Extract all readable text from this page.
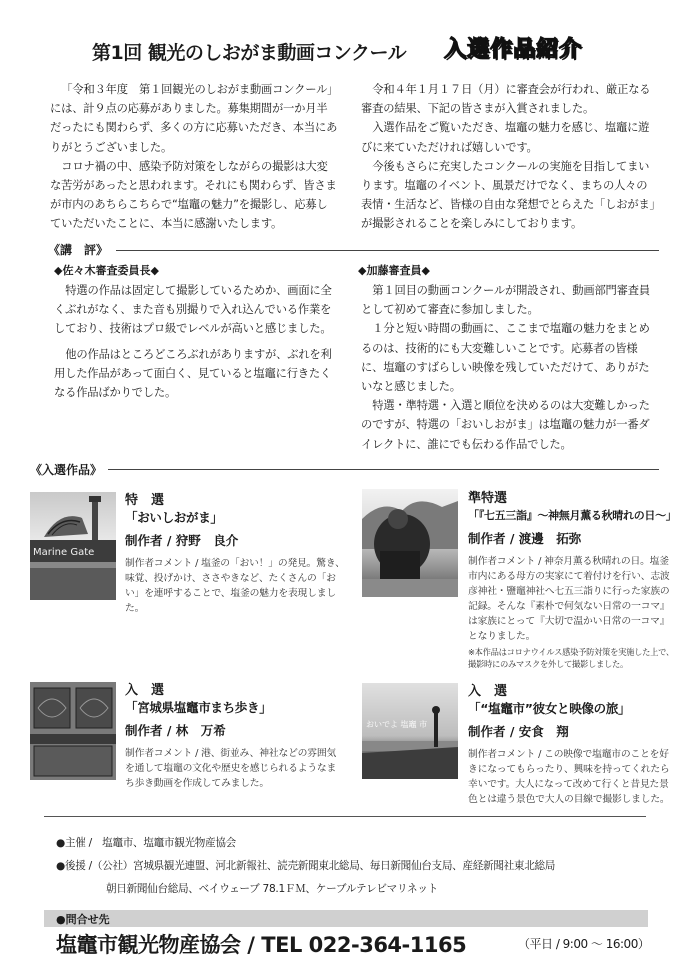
第1回 観光のしおがま動画コンクール 入選作品紹介

「令和３年度　第１回観光のしおがま動画コンクール」には、計９点の応募がありました。募集期間が一か月半だったにも関わらず、多くの方に応募いただき、本当にありがとうございました。

コロナ禍の中、感染予防対策をしながらの撮影は大変な苦労があったと思われます。それにも関わらず、皆さまが市内のあちらこちらで“塩竈の魅力”を撮影し、応募していただいたことに、本当に感謝いたします。

令和４年１月１７日（月）に審査会が行われ、厳正なる審査の結果、下記の皆さまが入賞されました。

入選作品をご覧いただき、塩竈の魅力を感じ、塩竈に遊びに来ていただければ嬉しいです。

今後もさらに充実したコンクールの実施を目指してまいります。塩竈のイベント、風景だけでなく、まちの人々の表情・生活など、皆様の自由な発想でとらえた「しおがま」が撮影されることを楽しみにしております。

《講　評》
◆佐々木審査委員長◆

特選の作品は固定して撮影しているためか、画面に全くぶれがなく、また音も別撮りで入れ込んでいる作業をしており、技術はプロ級でレベルが高いと感じました。

他の作品はところどころぶれがありますが、ぶれを利用した作品があって面白く、見ていると塩竈に行きたくなる作品ばかりでした。

◆加藤審査員◆

第１回目の動画コンクールが開設され、動画部門審査員として初めて審査に参加しました。

１分と短い時間の動画に、ここまで塩竈の魅力をまとめるのは、技術的にも大変難しいことです。応募者の皆様に、塩竈のすばらしい映像を残していただけて、ありがたいなと感じました。

特選・準特選・入選と順位を決めるのは大変難しかったのですが、特選の「おいしおがま」は塩竈の魅力が一番ダイレクトに、誰にでも伝わる作品でした。

《入選作品》
Marine Gate
特　選
「おいしおがま」
制作者 / 狩野　良介
制作者コメント / 塩釜の「おい！」の発見。驚き、味覚、投げかけ、ささやきなど、たくさんの「おい」を連呼することで、塩釜の魅力を表現しました。
準特選
「『七五三詣』～神無月薫る秋晴れの日～」
制作者 / 渡邊　拓弥
制作者コメント / 神奈月薫る秋晴れの日。塩釜市内にある母方の実家にて着付けを行い、志波彦神社・鹽竈神社へ七五三詣りに行った家族の記録。そんな『素朴で何気ない日常の一コマ』は家族にとって『大切で温かい日常の一コマ』となりました。
※本作品はコロナウイルス感染予防対策を実施した上で、撮影時にのみマスクを外して撮影しました。
入　選
「宮城県塩竈市まち歩き」
制作者 / 林　万希
制作者コメント / 港、街並み、神社などの雰囲気を通して塩竈の文化や歴史を感じられるようなまち歩き動画を作成してみました。
おいでよ 塩竈 市
入　選
「“塩竈市”彼女と映像の旅」
制作者 / 安食　翔
制作者コメント / この映像で塩竈市のことを好きになってもらったり、興味を持ってくれたら幸いです。大人になって改めて行くと昔見た景色とは違う景色で大人の目線で撮影しました。
●主催 /　塩竈市、塩竈市観光物産協会
●後援 /（公社）宮城県観光連盟、河北新報社、読売新聞東北総局、毎日新聞仙台支局、産経新聞社東北総局
朝日新聞仙台総局、ベイウェーブ 78.1ＦＭ、ケーブルテレビマリネット
●問合せ先
塩竈市観光物産協会 / TEL 022-364-1165	（平日 / 9:00 ～ 16:00）
